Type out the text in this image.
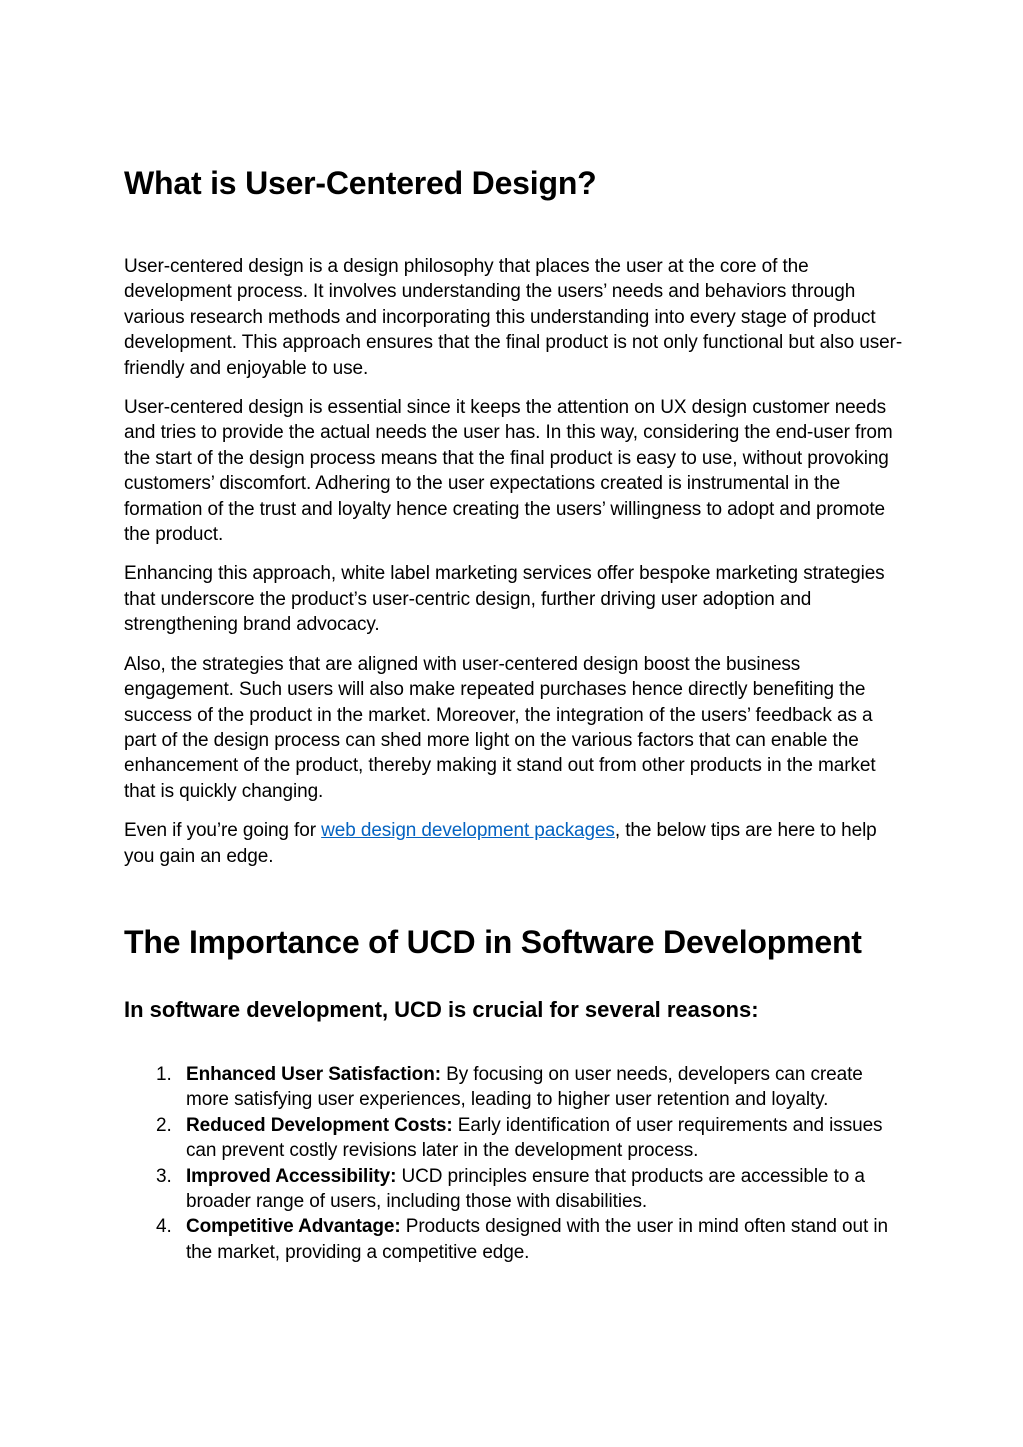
What is User-Centered Design?

User-centered design is a design philosophy that places the user at the core of the development process. It involves understanding the users’ needs and behaviors through various research methods and incorporating this understanding into every stage of product development. This approach ensures that the final product is not only functional but also user-friendly and enjoyable to use.

User-centered design is essential since it keeps the attention on UX design customer needs and tries to provide the actual needs the user has. In this way, considering the end-user from the start of the design process means that the final product is easy to use, without provoking customers’ discomfort. Adhering to the user expectations created is instrumental in the formation of the trust and loyalty hence creating the users’ willingness to adopt and promote the product.

Enhancing this approach, white label marketing services offer bespoke marketing strategies that underscore the product’s user-centric design, further driving user adoption and strengthening brand advocacy.

Also, the strategies that are aligned with user-centered design boost the business engagement. Such users will also make repeated purchases hence directly benefiting the success of the product in the market. Moreover, the integration of the users’ feedback as a part of the design process can shed more light on the various factors that can enable the enhancement of the product, thereby making it stand out from other products in the market that is quickly changing.

Even if you’re going for web design development packages, the below tips are here to help you gain an edge.

The Importance of UCD in Software Development
In software development, UCD is crucial for several reasons:
1. Enhanced User Satisfaction: By focusing on user needs, developers can create more satisfying user experiences, leading to higher user retention and loyalty.
2. Reduced Development Costs: Early identification of user requirements and issues can prevent costly revisions later in the development process.
3. Improved Accessibility: UCD principles ensure that products are accessible to a broader range of users, including those with disabilities.
4. Competitive Advantage: Products designed with the user in mind often stand out in the market, providing a competitive edge.
